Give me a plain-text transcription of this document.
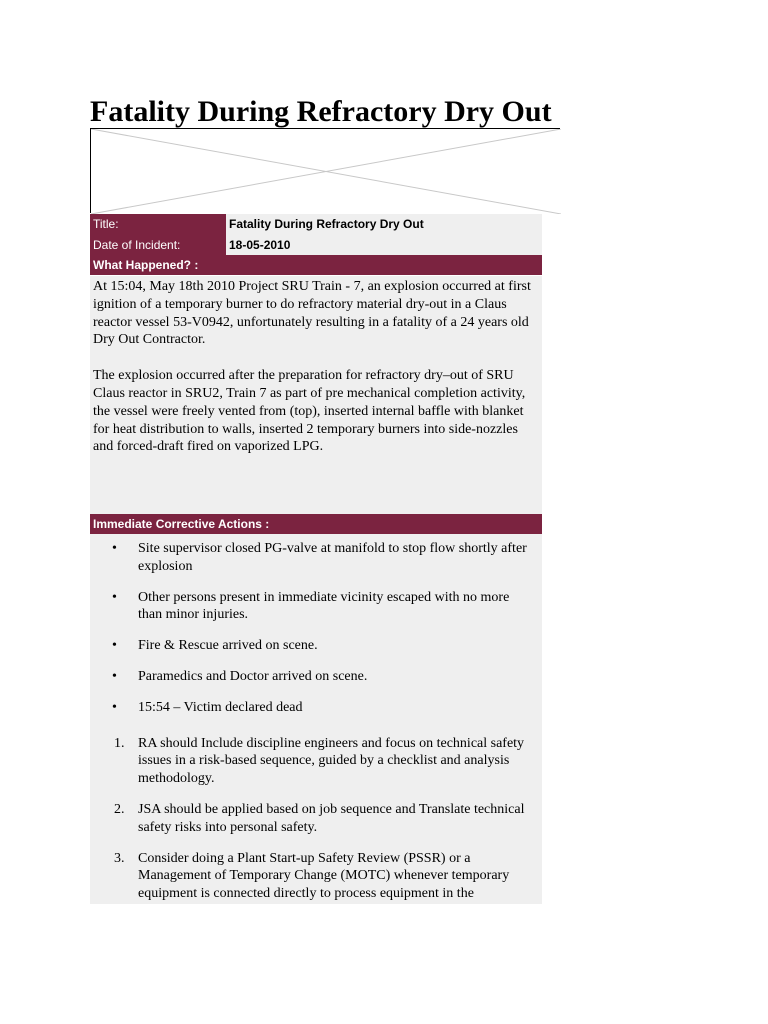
Fatality During Refractory Dry Out
Title:	Fatality During Refractory Dry Out
Date of Incident:	18-05-2010
What Happened? :

At 15:04, May 18th 2010 Project SRU Train - 7, an explosion occurred at first ignition of a temporary burner to do refractory material dry-out in a Claus reactor vessel 53-V0942, unfortunately resulting in a fatality of a 24 years old Dry Out Contractor.

The explosion occurred after the preparation for refractory dry–out of SRU Claus reactor in SRU2, Train 7 as part of pre mechanical completion activity, the vessel were freely vented from (top), inserted internal baffle with blanket for heat distribution to walls, inserted 2 temporary burners into side-nozzles and forced-draft fired on vaporized LPG.

Immediate Corrective Actions :
• Site supervisor closed PG-valve at manifold to stop flow shortly after explosion
• Other persons present in immediate vicinity escaped with no more than minor injuries.
• Fire & Rescue arrived on scene.
• Paramedics and Doctor arrived on scene.
• 15:54 – Victim declared dead
1. RA should Include discipline engineers and focus on technical safety issues in a risk-based sequence, guided by a checklist and analysis methodology.
2. JSA should be applied based on job sequence and Translate technical safety risks into personal safety.
3. Consider doing a Plant Start-up Safety Review (PSSR) or a Management of Temporary Change (MOTC) whenever temporary equipment is connected directly to process equipment in the
